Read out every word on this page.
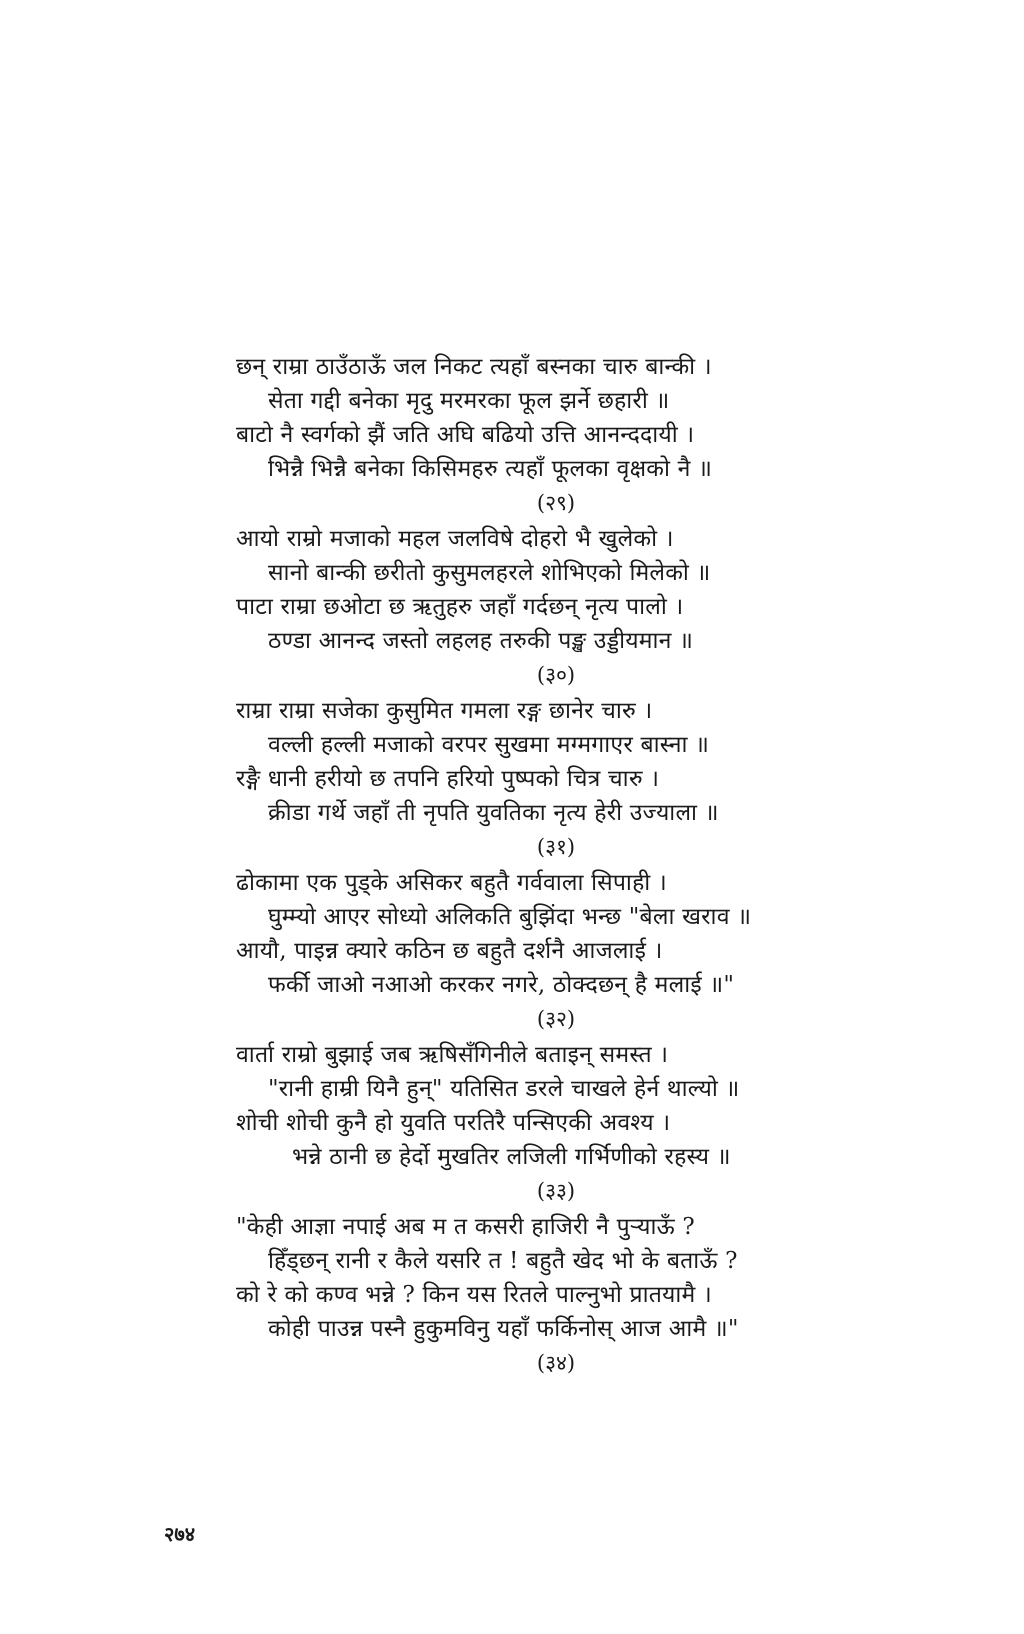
छन् राम्रा ठाउँठाऊँ जल निकट त्यहाँ बस्नका चारु बान्की ।
सेता गद्दी बनेका मृदु मरमरका फूल झर्ने छहारी ॥
बाटो नै स्वर्गको झैं जति अघि बढियो उत्ति आनन्ददायी ।
भिन्नै भिन्नै बनेका किसिमहरु त्यहाँ फूलका वृक्षको नै ॥
(२९)
आयो राम्रो मजाको महल जलविषे दोहरो भै खुलेको ।
सानो बान्की छरीतो कुसुमलहरले शोभिएको मिलेको ॥
पाटा राम्रा छओटा छ ऋतुहरु जहाँ गर्दछन् नृत्य पालो ।
ठण्डा आनन्द जस्तो लहलह तरुकी पङ्ख उड्डीयमान ॥
(३०)
राम्रा राम्रा सजेका कुसुमित गमला रङ्ग छानेर चारु ।
वल्ली हल्ली मजाको वरपर सुखमा मग्मगाएर बास्ना ॥
रङ्गै धानी हरीयो छ तपनि हरियो पुष्पको चित्र चारु ।
क्रीडा गर्थे जहाँ ती नृपति युवतिका नृत्य हेरी उज्याला ॥
(३१)
ढोकामा एक पुड्के असिकर बहुतै गर्ववाला सिपाही ।
घुम्म्यो आएर सोध्यो अलिकति बुझिंदा भन्छ "बेला खराव ॥
आयौ, पाइन्न क्यारे कठिन छ बहुतै दर्शनै आजलाई ।
फर्की जाओ नआओ करकर नगरे, ठोक्दछन् है मलाई ॥"
(३२)
वार्ता राम्रो बुझाई जब ऋषिसँगिनीले बताइन् समस्त ।
"रानी हाम्री यिनै हुन्" यतिसित डरले चाखले हेर्न थाल्यो ॥
शोची शोची कुनै हो युवति परतिरै पन्सिएकी अवश्य ।
भन्ने ठानी छ हेर्दो मुखतिर लजिली गर्भिणीको रहस्य ॥
(३३)
"केही आज्ञा नपाई अब म त कसरी हाजिरी नै पुऱ्याऊँ ?
हिँड्छन् रानी र कैले यसरि त ! बहुतै खेद भो के बताऊँ ?
को रे को कण्व भन्ने ? किन यस रितले पाल्नुभो प्रातयामै ।
कोही पाउन्न पस्नै हुकुमविनु यहाँ फर्किनोस् आज आमै ॥"
(३४)
२७४
